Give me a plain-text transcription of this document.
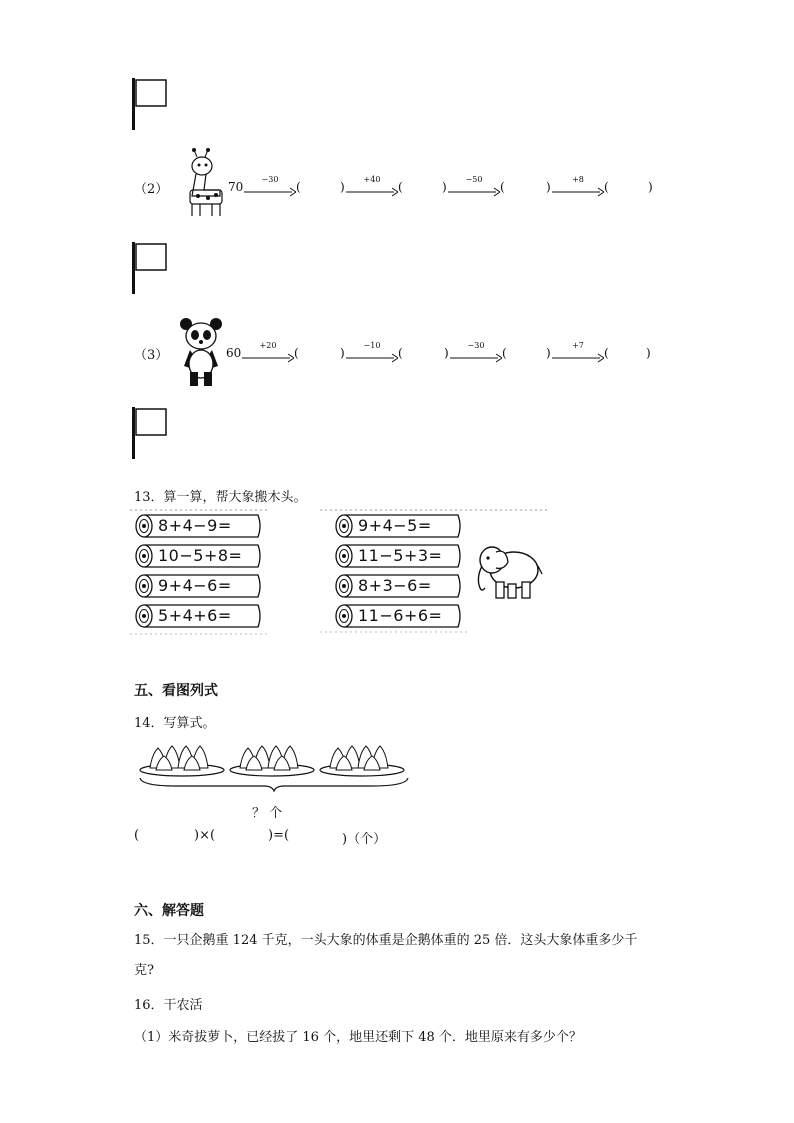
（2）	70
−30
(	)
+40
(	)
−50
(	)
+8
(	)
（3）	60
+20
(	)
−10
(	)
−30
(	)
+7
(	)
13．算一算，帮大象搬木头。
8+4−9=
10−5+8=
9+4−6=
5+4+6=
9+4−5=
11−5+3=
8+3−6=
11−6+6=
五、看图列式
14．写算式。
？ 个
(	)×(	)=(	)（个）
六、解答题
15．一只企鹅重 124 千克，一头大象的体重是企鹅体重的 25 倍．这头大象体重多少千
克?
16．干农活
（1）米奇拔萝卜，已经拔了 16 个，地里还剩下 48 个．地里原来有多少个？
